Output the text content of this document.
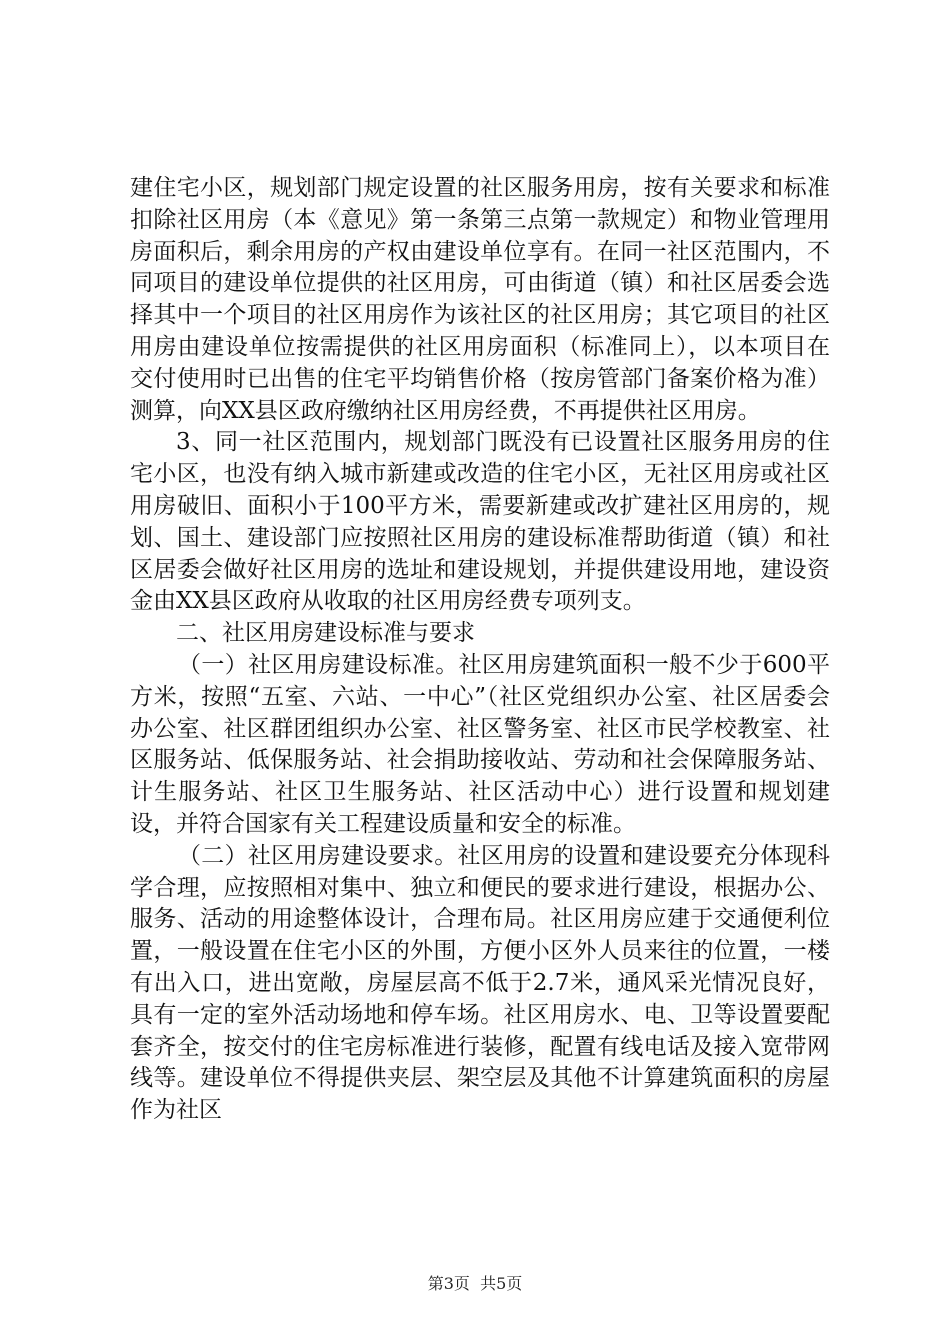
建住宅小区，规划部门规定设置的社区服务用房，按有关要求和标准扣除社区用房（本《意见》第一条第三点第一款规定）和物业管理用房面积后，剩余用房的产权由建设单位享有。在同一社区范围内，不同项目的建设单位提供的社区用房，可由街道（镇）和社区居委会选择其中一个项目的社区用房作为该社区的社区用房；其它项目的社区用房由建设单位按需提供的社区用房面积（标准同上），以本项目在交付使用时已出售的住宅平均销售价格（按房管部门备案价格为准）测算，向XX县区政府缴纳社区用房经费，不再提供社区用房。

3、同一社区范围内，规划部门既没有已设置社区服务用房的住宅小区，也没有纳入城市新建或改造的住宅小区，无社区用房或社区用房破旧、面积小于100平方米，需要新建或改扩建社区用房的，规划、国土、建设部门应按照社区用房的建设标准帮助街道（镇）和社区居委会做好社区用房的选址和建设规划，并提供建设用地，建设资金由XX县区政府从收取的社区用房经费专项列支。

二、社区用房建设标准与要求

（一）社区用房建设标准。社区用房建筑面积一般不少于600平方米，按照“五室、六站、一中心”（社区党组织办公室、社区居委会办公室、社区群团组织办公室、社区警务室、社区市民学校教室、社区服务站、低保服务站、社会捐助接收站、劳动和社会保障服务站、计生服务站、社区卫生服务站、社区活动中心）进行设置和规划建设，并符合国家有关工程建设质量和安全的标准。

（二）社区用房建设要求。社区用房的设置和建设要充分体现科学合理，应按照相对集中、独立和便民的要求进行建设，根据办公、服务、活动的用途整体设计，合理布局。社区用房应建于交通便利位置，一般设置在住宅小区的外围，方便小区外人员来往的位置，一楼有出入口，进出宽敞，房屋层高不低于2.7米，通风采光情况良好，具有一定的室外活动场地和停车场。社区用房水、电、卫等设置要配套齐全，按交付的住宅房标准进行装修，配置有线电话及接入宽带网线等。建设单位不得提供夹层、架空层及其他不计算建筑面积的房屋作为社区

第3页  共5页
